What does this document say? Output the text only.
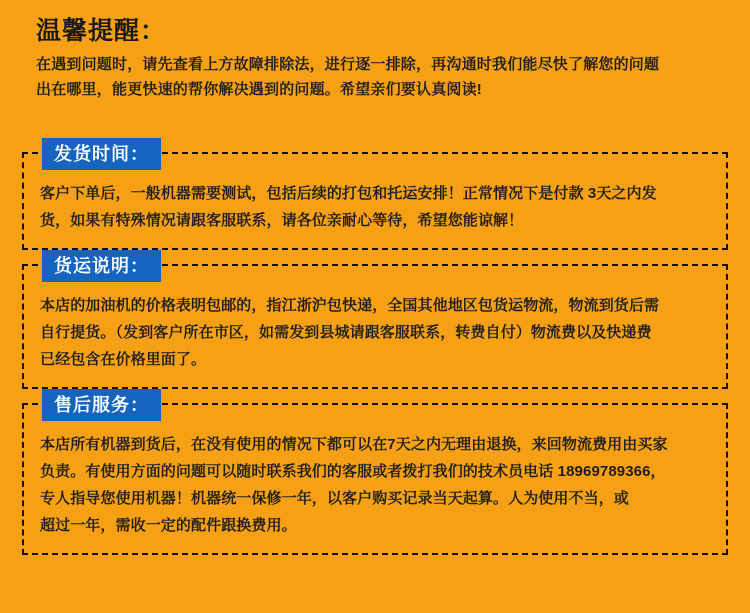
温馨提醒：

在遇到问题时，请先查看上方故障排除法，进行逐一排除，再沟通时我们能尽快了解您的问题

出在哪里，能更快速的帮你解决遇到的问题。希望亲们要认真阅读!

发货时间：

客户下单后，一般机器需要测试，包括后续的打包和托运安排！正常情况下是付款 3天之内发

货，如果有特殊情况请跟客服联系，请各位亲耐心等待，希望您能谅解！

货运说明：

本店的加油机的价格表明包邮的，指江浙沪包快递，全国其他地区包货运物流，物流到货后需

自行提货。（发到客户所在市区，如需发到县城请跟客服联系，转费自付）物流费以及快递费

已经包含在价格里面了。

售后服务：

本店所有机器到货后，在没有使用的情况下都可以在7天之内无理由退换，来回物流费用由买家

负责。有使用方面的问题可以随时联系我们的客服或者拨打我们的技术员电话 18969789366，

专人指导您使用机器！机器统一保修一年，以客户购买记录当天起算。人为使用不当，或

超过一年，需收一定的配件跟换费用。
